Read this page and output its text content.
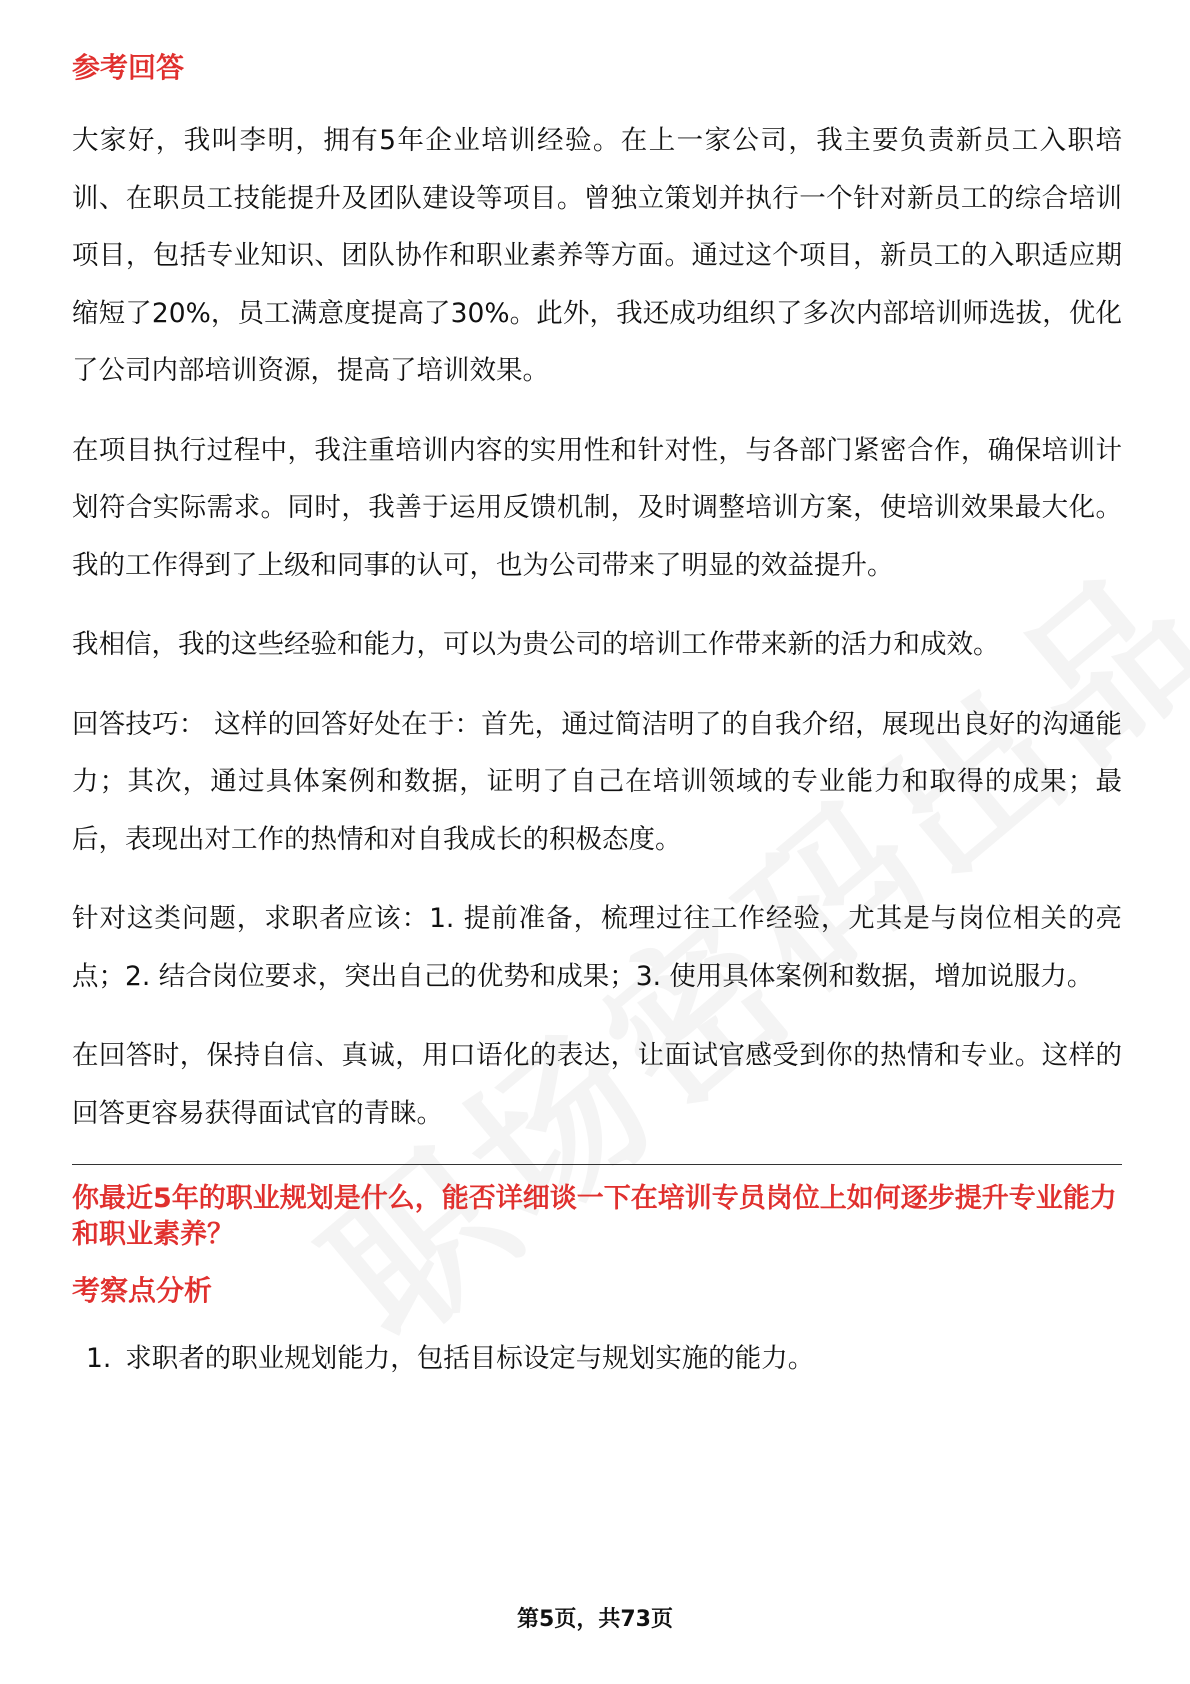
参考回答

大家好，我叫李明，拥有5年企业培训经验。在上一家公司，我主要负责新员工入职培训、在职员工技能提升及团队建设等项目。曾独立策划并执行一个针对新员工的综合培训项目，包括专业知识、团队协作和职业素养等方面。通过这个项目，新员工的入职适应期缩短了20%，员工满意度提高了30%。此外，我还成功组织了多次内部培训师选拔，优化了公司内部培训资源，提高了培训效果。

在项目执行过程中，我注重培训内容的实用性和针对性，与各部门紧密合作，确保培训计划符合实际需求。同时，我善于运用反馈机制，及时调整培训方案，使培训效果最大化。我的工作得到了上级和同事的认可，也为公司带来了明显的效益提升。

我相信，我的这些经验和能力，可以为贵公司的培训工作带来新的活力和成效。

回答技巧： 这样的回答好处在于：首先，通过简洁明了的自我介绍，展现出良好的沟通能力；其次，通过具体案例和数据，证明了自己在培训领域的专业能力和取得的成果；最后，表现出对工作的热情和对自我成长的积极态度。

针对这类问题，求职者应该：1. 提前准备，梳理过往工作经验，尤其是与岗位相关的亮点；2. 结合岗位要求，突出自己的优势和成果；3. 使用具体案例和数据，增加说服力。

在回答时，保持自信、真诚，用口语化的表达，让面试官感受到你的热情和专业。这样的回答更容易获得面试官的青睐。

你最近5年的职业规划是什么，能否详细谈一下在培训专员岗位上如何逐步提升专业能力和职业素养？
考察点分析
1. 求职者的职业规划能力，包括目标设定与规划实施的能力。
第5页，共73页
